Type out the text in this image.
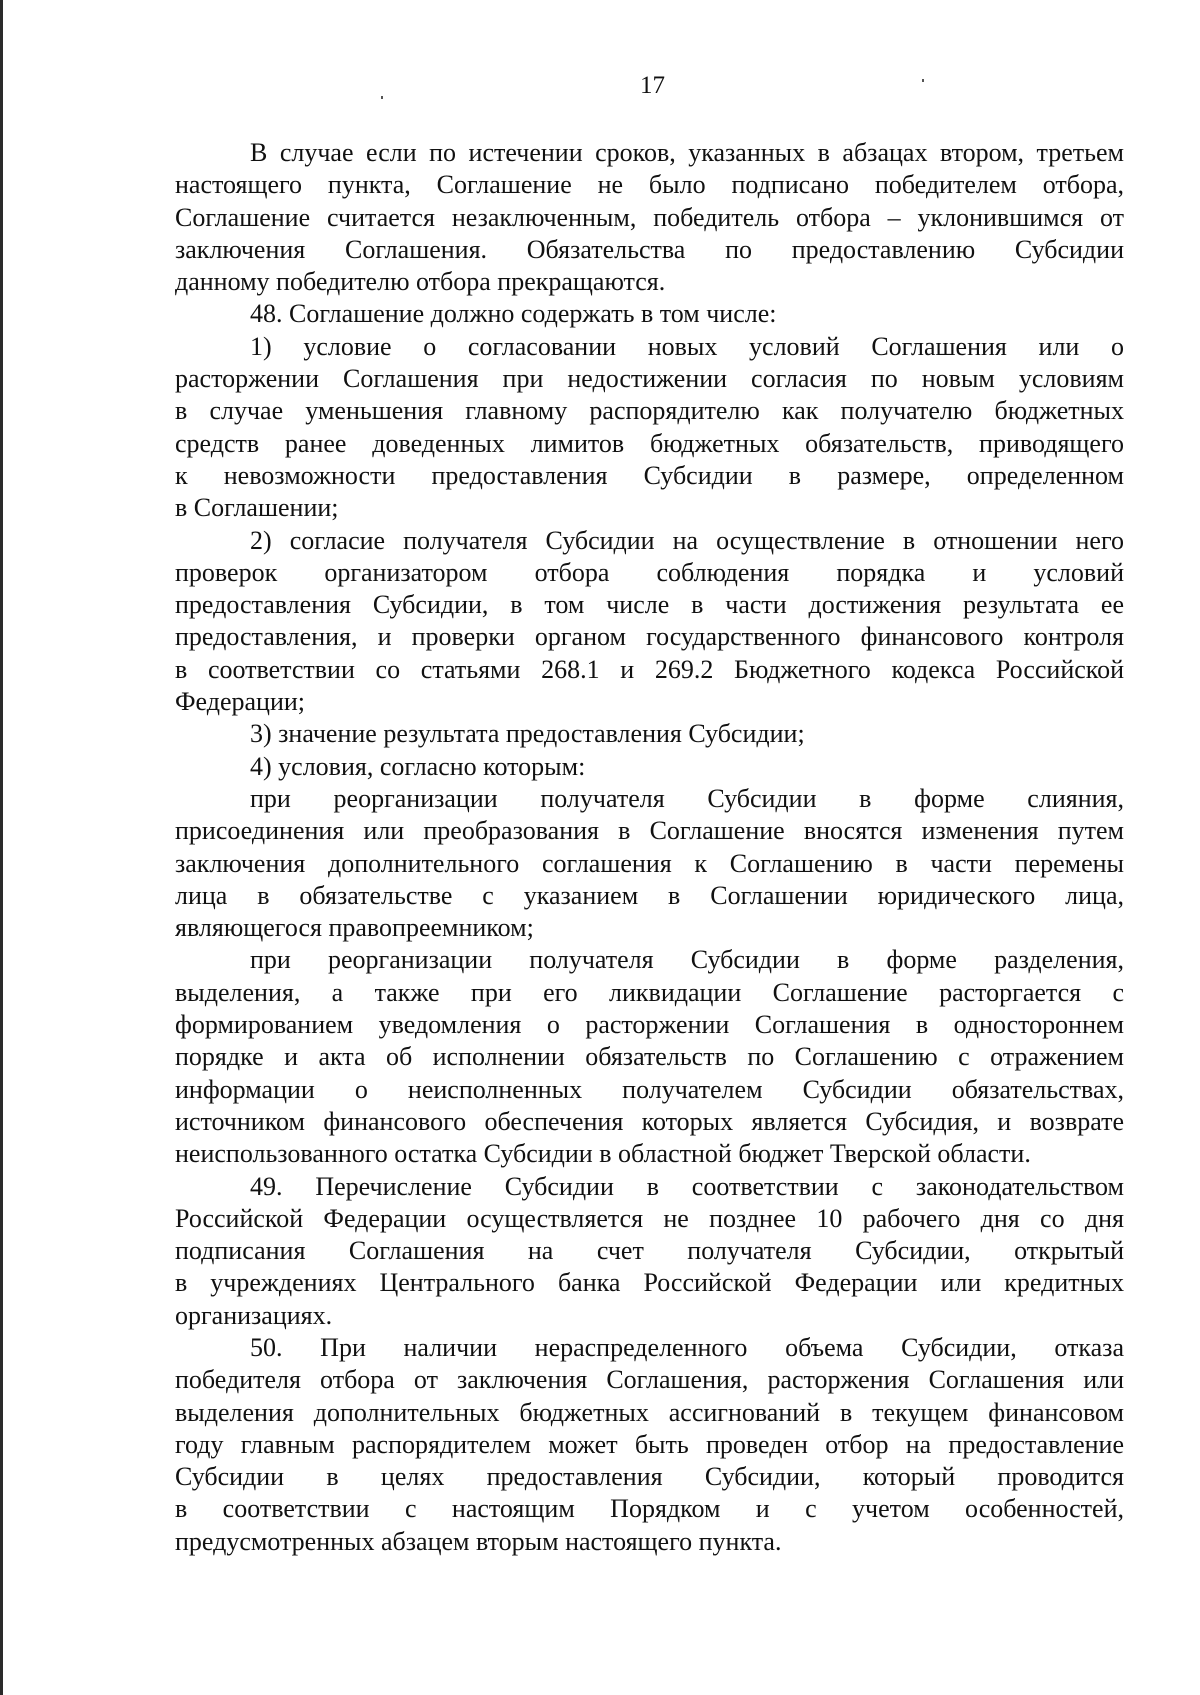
17
В случае если по истечении сроков, указанных в абзацах втором, третьем
настоящего пункта, Соглашение не было подписано победителем отбора,
Соглашение считается незаключенным, победитель отбора – уклонившимся от
заключения Соглашения. Обязательства по предоставлению Субсидии
данному победителю отбора прекращаются.
48. Соглашение должно содержать в том числе:
1) условие о согласовании новых условий Соглашения или о
расторжении Соглашения при недостижении согласия по новым условиям
в случае уменьшения главному распорядителю как получателю бюджетных
средств ранее доведенных лимитов бюджетных обязательств, приводящего
к невозможности предоставления Субсидии в размере, определенном
в Соглашении;
2) согласие получателя Субсидии на осуществление в отношении него
проверок организатором отбора соблюдения порядка и условий
предоставления Субсидии, в том числе в части достижения результата ее
предоставления, и проверки органом государственного финансового контроля
в соответствии со статьями 268.1 и 269.2 Бюджетного кодекса Российской
Федерации;
3) значение результата предоставления Субсидии;
4) условия, согласно которым:
при реорганизации получателя Субсидии в форме слияния,
присоединения или преобразования в Соглашение вносятся изменения путем
заключения дополнительного соглашения к Соглашению в части перемены
лица в обязательстве с указанием в Соглашении юридического лица,
являющегося правопреемником;
при реорганизации получателя Субсидии в форме разделения,
выделения, а также при его ликвидации Соглашение расторгается с
формированием уведомления о расторжении Соглашения в одностороннем
порядке и акта об исполнении обязательств по Соглашению с отражением
информации о неисполненных получателем Субсидии обязательствах,
источником финансового обеспечения которых является Субсидия, и возврате
неиспользованного остатка Субсидии в областной бюджет Тверской области.
49. Перечисление Субсидии в соответствии с законодательством
Российской Федерации осуществляется не позднее 10 рабочего дня со дня
подписания Соглашения на счет получателя Субсидии, открытый
в учреждениях Центрального банка Российской Федерации или кредитных
организациях.
50. При наличии нераспределенного объема Субсидии, отказа
победителя отбора от заключения Соглашения, расторжения Соглашения или
выделения дополнительных бюджетных ассигнований в текущем финансовом
году главным распорядителем может быть проведен отбор на предоставление
Субсидии в целях предоставления Субсидии, который проводится
в соответствии с настоящим Порядком и с учетом особенностей,
предусмотренных абзацем вторым настоящего пункта.
